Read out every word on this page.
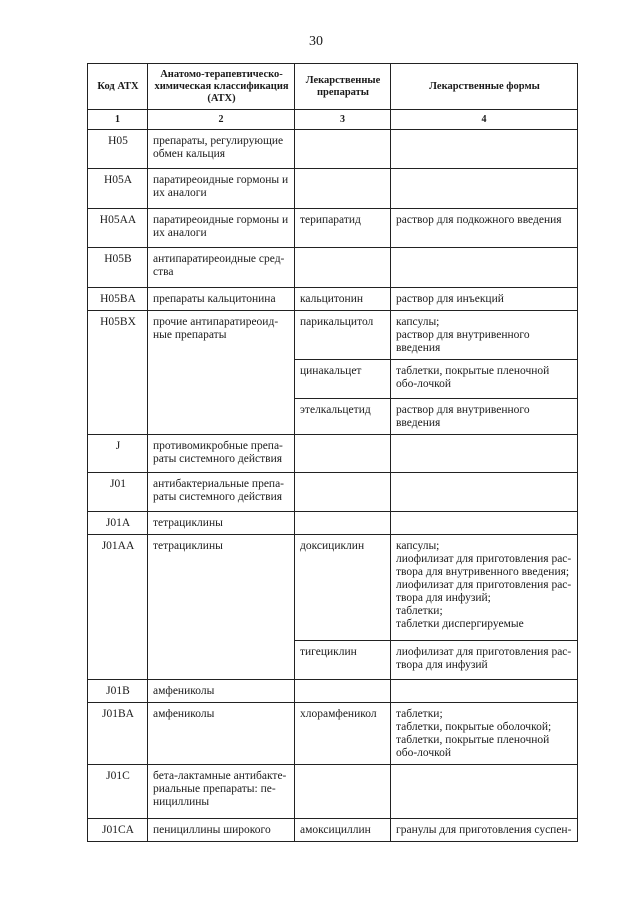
30
Код АТХ	Анатомо-терапевтическо-химическая классификация (АТХ)	Лекарственные препараты	Лекарственные формы
1	2	3	4
H05	препараты, регулирующие обмен кальция		
H05A	паратиреоидные гормоны и их аналоги		
H05AA	паратиреоидные гормоны и их аналоги	терипаратид	раствор для подкожного введения
H05B	антипаратиреоидные сред-ства		
H05BA	препараты кальцитонина	кальцитонин	раствор для инъекций
H05BX	прочие антипаратиреоид-ные препараты	парикальцитол	капсулы;
раствор для внутривенного введения
		цинакальцет	таблетки, покрытые пленочной обо-лочкой
		этелкальцетид	раствор для внутривенного введения
J	противомикробные препа-раты системного действия		
J01	антибактериальные препа-раты системного действия		
J01A	тетрациклины		
J01AA	тетрациклины	доксициклин	капсулы;
лиофилизат для приготовления рас-твора для внутривенного введения;
лиофилизат для приготовления рас-твора для инфузий;
таблетки;
таблетки диспергируемые
		тигециклин	лиофилизат для приготовления рас-твора для инфузий
J01B	амфениколы		
J01BA	амфениколы	хлорамфеникол	таблетки;
таблетки, покрытые оболочкой;
таблетки, покрытые пленочной обо-лочкой
J01C	бета-лактамные антибакте-риальные препараты: пе-нициллины		
J01CA	пенициллины широкого	амоксициллин	гранулы для приготовления суспен-
